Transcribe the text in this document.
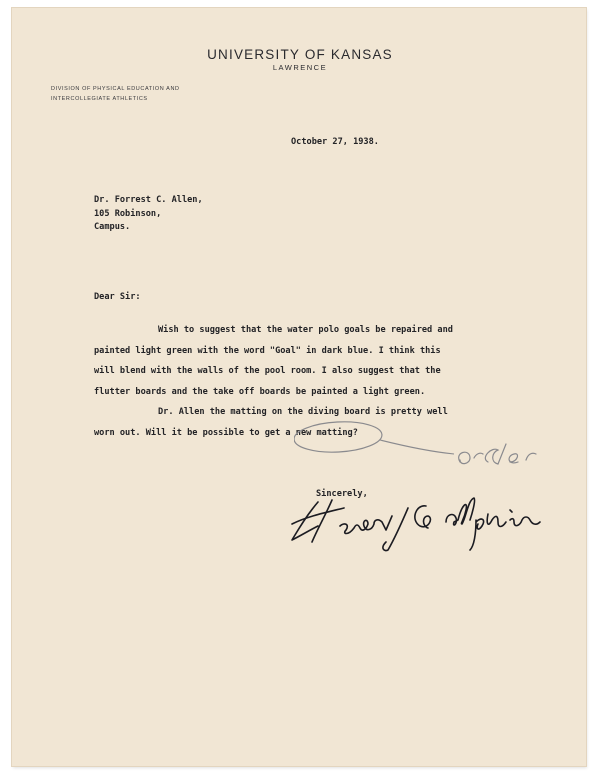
UNIVERSITY OF KANSAS
LAWRENCE
DIVISION OF PHYSICAL EDUCATION AND
INTERCOLLEGIATE ATHLETICS
October 27, 1938.
Dr. Forrest C. Allen,
105 Robinson,
Campus.
Dear Sir:
Wish to suggest that the water polo goals be repaired and
painted light green with the word "Goal" in dark blue. I think this
will blend with the walls of the pool room. I also suggest that the
flutter boards and the take off boards be painted a light green.
Dr. Allen the matting on the diving board is pretty well
worn out. Will it be possible to get a new matting?
Sincerely,
